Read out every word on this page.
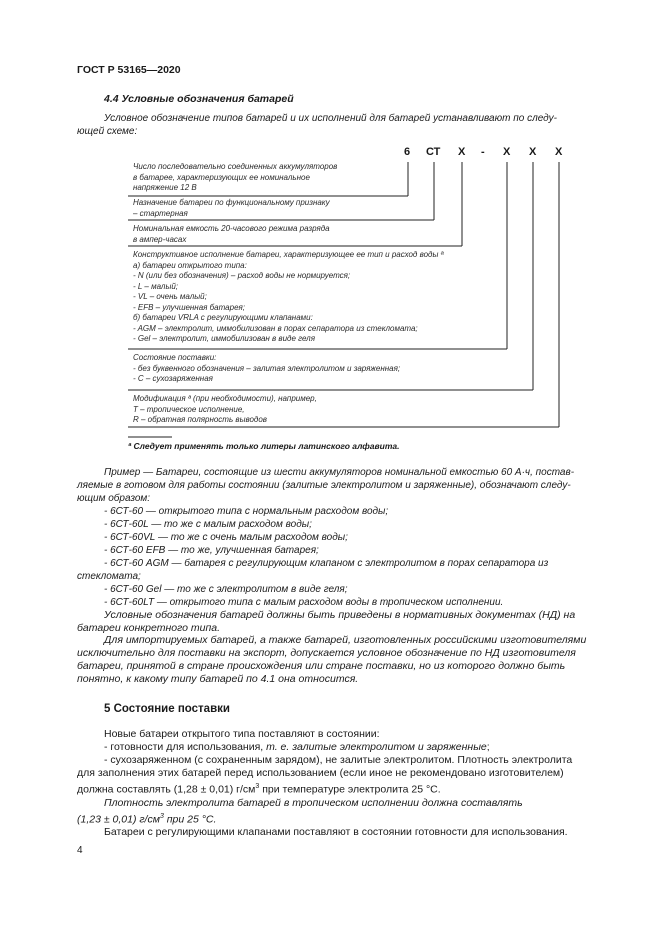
ГОСТ Р 53165—2020
4.4 Условные обозначения батарей
Условное обозначение типов батарей и их исполнений для батарей устанавливают по следу-
ющей схеме:
6 СТ Х - Х Х Х
Число последовательно соединенных аккумуляторов
в батарее, характеризующих ее номинальное
напряжение 12 В
Назначение батареи по функциональному признаку
– стартерная
Номинальная емкость 20-часового режима разряда
в ампер-часах
Конструктивное исполнение батареи, характеризующее ее тип и расход воды ª
а) батареи открытого типа:
- N (или без обозначения) – расход воды не нормируется;
- L – малый;
- VL – очень малый;
- EFB – улучшенная батарея;
б) батареи VRLA с регулирующими клапанами:
- AGM – электролит, иммобилизован в порах сепаратора из стекломата;
- Gel – электролит, иммобилизован в виде геля
Состояние поставки:
- без буквенного обозначения – залитая электролитом и заряженная;
- С – сухозаряженная
Модификация ª (при необходимости), например,
Т – тропическое исполнение,
R – обратная полярность выводов
ª Следует применять только литеры латинского алфавита.
Пример — Батареи, состоящие из шести аккумуляторов номинальной емкостью 60 А·ч, постав-
ляемые в готовом для работы состоянии (залитые электролитом и заряженные), обозначают следу-
ющим образом:
- 6СТ-60 — открытого типа с нормальным расходом воды;
- 6СТ-60L — то же с малым расходом воды;
- 6СТ-60VL — то же с очень малым расходом воды;
- 6СТ-60 EFB — то же, улучшенная батарея;
- 6СТ-60 AGM — батарея с регулирующим клапаном с электролитом в порах сепаратора из
стекломата;
- 6СТ-60 Gel — то же с электролитом в виде геля;
- 6СТ-60LT — открытого типа с малым расходом воды в тропическом исполнении.
Условные обозначения батарей должны быть приведены в нормативных документах (НД) на
батареи конкретного типа.
Для импортируемых батарей, а также батарей, изготовленных российскими изготовителями
исключительно для поставки на экспорт, допускается условное обозначение по НД изготовителя
батареи, принятой в стране происхождения или стране поставки, но из которого должно быть
понятно, к какому типу батарей по 4.1 она относится.
5 Состояние поставки
Новые батареи открытого типа поставляют в состоянии:
- готовности для использования, т. е. залитые электролитом и заряженные;
- сухозаряженном (с сохраненным зарядом), не залитые электролитом. Плотность электролита
для заполнения этих батарей перед использованием (если иное не рекомендовано изготовителем)
должна составлять (1,28 ± 0,01) $г/см^3$ при температуре электролита 25 °С.
Плотность электролита батарей в тропическом исполнении должна составлять
(1,23 ± 0,01) $г/см^3$ при 25 °С.
Батареи с регулирующими клапанами поставляют в состоянии готовности для использования.
4
